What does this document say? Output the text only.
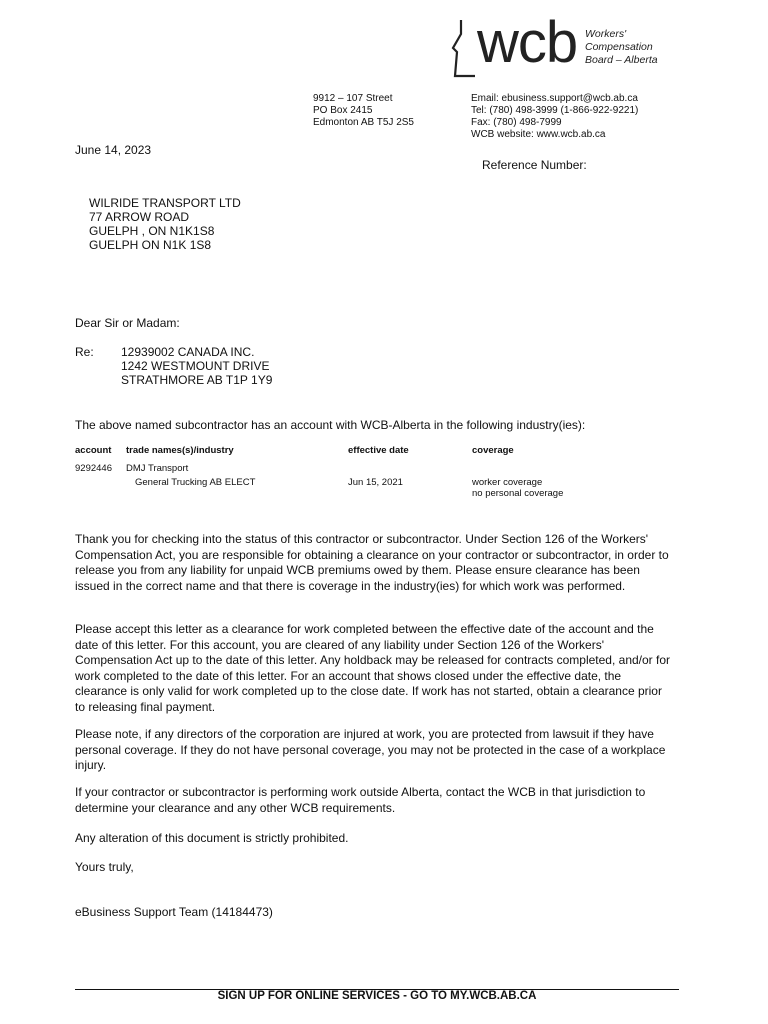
wcb Workers'
Compensation
Board – Alberta
9912 – 107 Street
PO Box 2415
Edmonton AB T5J 2S5
Email: ebusiness.support@wcb.ab.ca
Tel: (780) 498-3999 (1-866-922-9221)
Fax: (780) 498-7999
WCB website: www.wcb.ab.ca
June 14, 2023
Reference Number:
WILRIDE TRANSPORT LTD
77 ARROW ROAD
GUELPH , ON N1K1S8
GUELPH ON N1K 1S8
Dear Sir or Madam:
Re: 12939002 CANADA INC.
1242 WESTMOUNT DRIVE
STRATHMORE AB T1P 1Y9
The above named subcontractor has an account with WCB-Alberta in the following industry(ies):
account	trade names(s)/industry	effective date	coverage
9292446	DMJ Transport		
	General Trucking AB ELECT	Jun 15, 2021	worker coverage
no personal coverage
Thank you for checking into the status of this contractor or subcontractor. Under Section 126 of the Workers' Compensation Act, you are responsible for obtaining a clearance on your contractor or subcontractor, in order to release you from any liability for unpaid WCB premiums owed by them. Please ensure clearance has been issued in the correct name and that there is coverage in the industry(ies) for which work was performed.
Please accept this letter as a clearance for work completed between the effective date of the account and the date of this letter. For this account, you are cleared of any liability under Section 126 of the Workers' Compensation Act up to the date of this letter. Any holdback may be released for contracts completed, and/or for work completed to the date of this letter. For an account that shows closed under the effective date, the clearance is only valid for work completed up to the close date. If work has not started, obtain a clearance prior to releasing final payment.
Please note, if any directors of the corporation are injured at work, you are protected from lawsuit if they have personal coverage. If they do not have personal coverage, you may not be protected in the case of a workplace injury.
If your contractor or subcontractor is performing work outside Alberta, contact the WCB in that jurisdiction to determine your clearance and any other WCB requirements.
Any alteration of this document is strictly prohibited.
Yours truly,
eBusiness Support Team (14184473)
SIGN UP FOR ONLINE SERVICES - GO TO MY.WCB.AB.CA
